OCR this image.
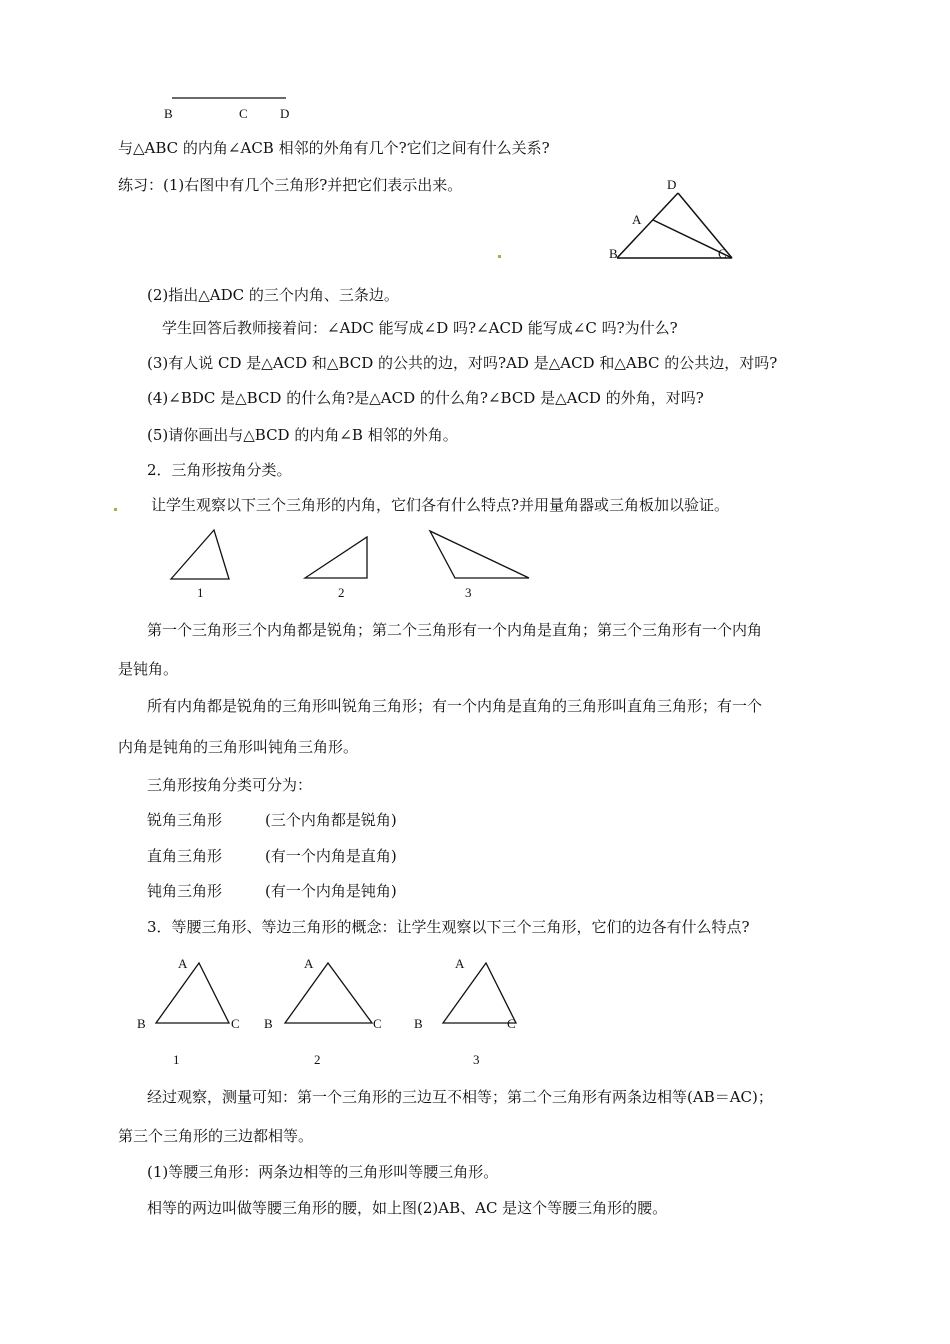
B	C D
D
A
B	C
1	2	3
A
B	C
A
B	C
A
B	C
1	2	3
与△ABC 的内角∠ACB 相邻的外角有几个?它们之间有什么关系?
练习：(1)右图中有几个三角形?并把它们表示出来。
(2)指出△ADC 的三个内角、三条边。
学生回答后教师接着问：∠ADC 能写成∠D 吗?∠ACD 能写成∠C 吗?为什么?
(3)有人说 CD 是△ACD 和△BCD 的公共的边，对吗?AD 是△ACD 和△ABC 的公共边，对吗?
(4)∠BDC 是△BCD 的什么角?是△ACD 的什么角?∠BCD 是△ACD 的外角，对吗?
(5)请你画出与△BCD 的内角∠B 相邻的外角。
2．三角形按角分类。
让学生观察以下三个三角形的内角，它们各有什么特点?并用量角器或三角板加以验证。
第一个三角形三个内角都是锐角；第二个三角形有一个内角是直角；第三个三角形有一个内角
是钝角。
所有内角都是锐角的三角形叫锐角三角形；有一个内角是直角的三角形叫直角三角形；有一个
内角是钝角的三角形叫钝角三角形。
三角形按角分类可分为：
锐角三角形	(三个内角都是锐角)
直角三角形	(有一个内角是直角)
钝角三角形	(有一个内角是钝角)
3．等腰三角形、等边三角形的概念：让学生观察以下三个三角形，它们的边各有什么特点?
经过观察，测量可知：第一个三角形的三边互不相等；第二个三角形有两条边相等(AB＝AC)；
第三个三角形的三边都相等。
(1)等腰三角形：两条边相等的三角形叫等腰三角形。
相等的两边叫做等腰三角形的腰，如上图(2)AB、AC 是这个等腰三角形的腰。
